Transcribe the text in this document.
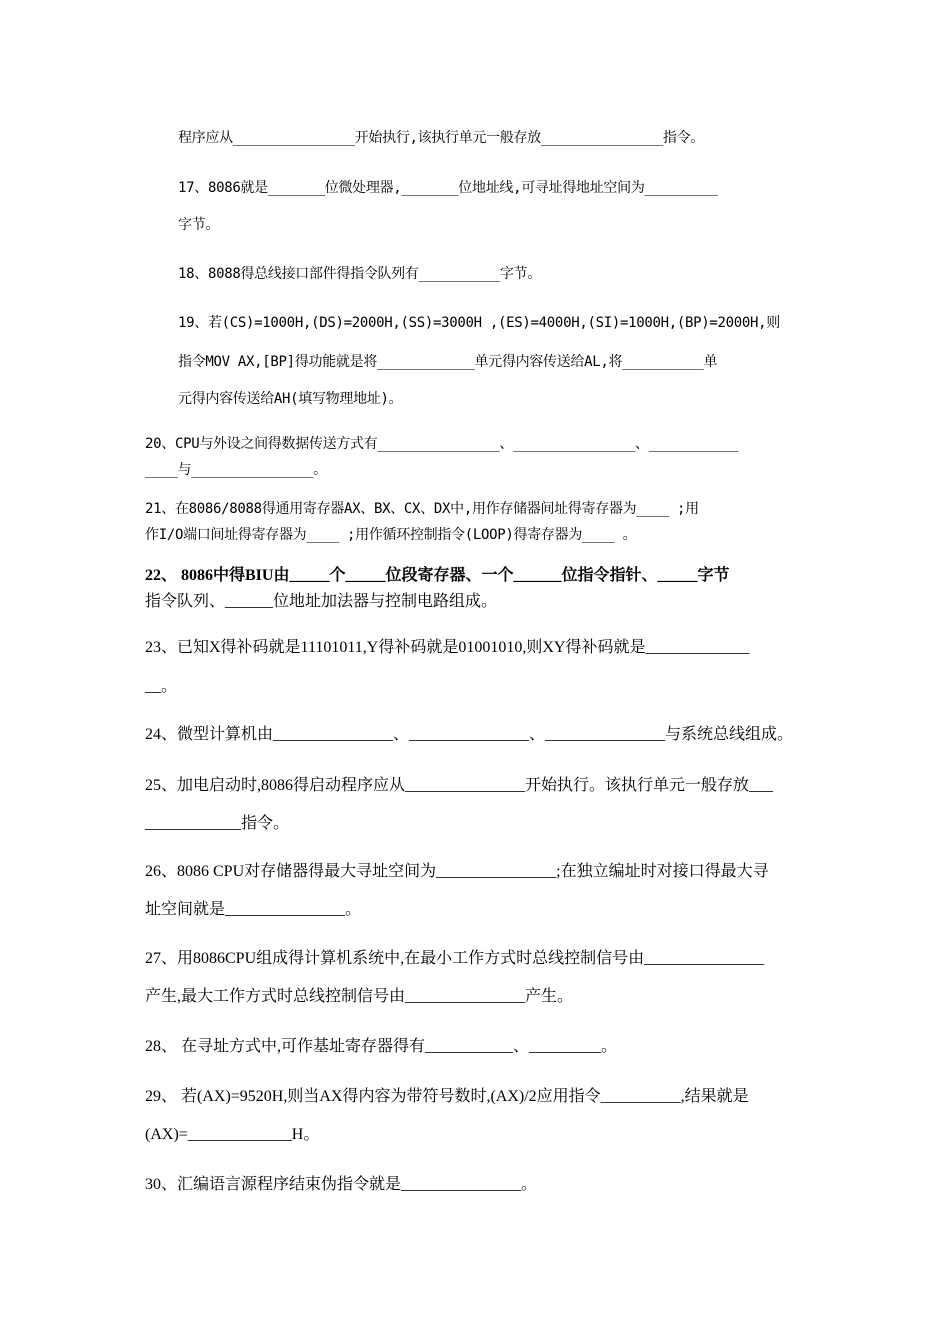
程序应从_______________开始执行,该执行单元一般存放_______________指令。
17、8086就是_______位微处理器,_______位地址线,可寻址得地址空间为_________
字节。
18、8088得总线接口部件得指令队列有__________字节。
19、若(CS)=1000H,(DS)=2000H,(SS)=3000H ,(ES)=4000H,(SI)=1000H,(BP)=2000H,则
指令MOV AX,[BP]得功能就是将____________单元得内容传送给AL,将__________单
元得内容传送给AH(填写物理地址)。
20、CPU与外设之间得数据传送方式有_______________、_______________、___________
____与_______________。
21、在8086/8088得通用寄存器AX、BX、CX、DX中,用作存储器间址得寄存器为____ ;用
作I/O端口间址得寄存器为____ ;用作循环控制指令(LOOP)得寄存器为____ 。
22、 8086中得BIU由_____个_____位段寄存器、一个______位指令指针、_____字节
指令队列、______位地址加法器与控制电路组成。
23、已知X得补码就是11101011,Y得补码就是01001010,则XY得补码就是_____________
__。
24、微型计算机由_______________、_______________、_______________与系统总线组成。
25、加电启动时,8086得启动程序应从_______________开始执行。该执行单元一般存放___
____________指令。
26、8086 CPU对存储器得最大寻址空间为_______________;在独立编址时对接口得最大寻
址空间就是_______________。
27、用8086CPU组成得计算机系统中,在最小工作方式时总线控制信号由_______________
产生,最大工作方式时总线控制信号由_______________产生。
28、 在寻址方式中,可作基址寄存器得有___________、_________。
29、 若(AX)=9520H,则当AX得内容为带符号数时,(AX)/2应用指令__________,结果就是
(AX)=_____________H。
30、汇编语言源程序结束伪指令就是_______________。
